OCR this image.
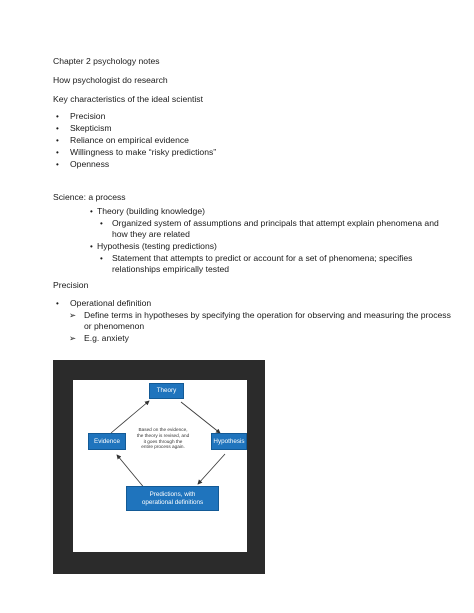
Chapter 2 psychology notes
How psychologist do research
Key characteristics of the ideal scientist
• Precision
• Skepticism
• Reliance on empirical evidence
• Willingness to make “risky predictions”
• Openness
Science: a process
• Theory (building knowledge)
• Organized system of assumptions and principals that attempt explain phenomena and
how they are related
• Hypothesis (testing predictions)
• Statement that attempts to predict or account for a set of phenomena; specifies
relationships empirically tested
Precision
• Operational definition
➢ Define terms in hypotheses by specifying the operation for observing and measuring the process
or phenomenon
➢ E.g. anxiety
Theory
Evidence	Hypothesis
Predictions, with
operational definitions
Based on the evidence,
the theory is revised, and
it goes through the
entire process again.
